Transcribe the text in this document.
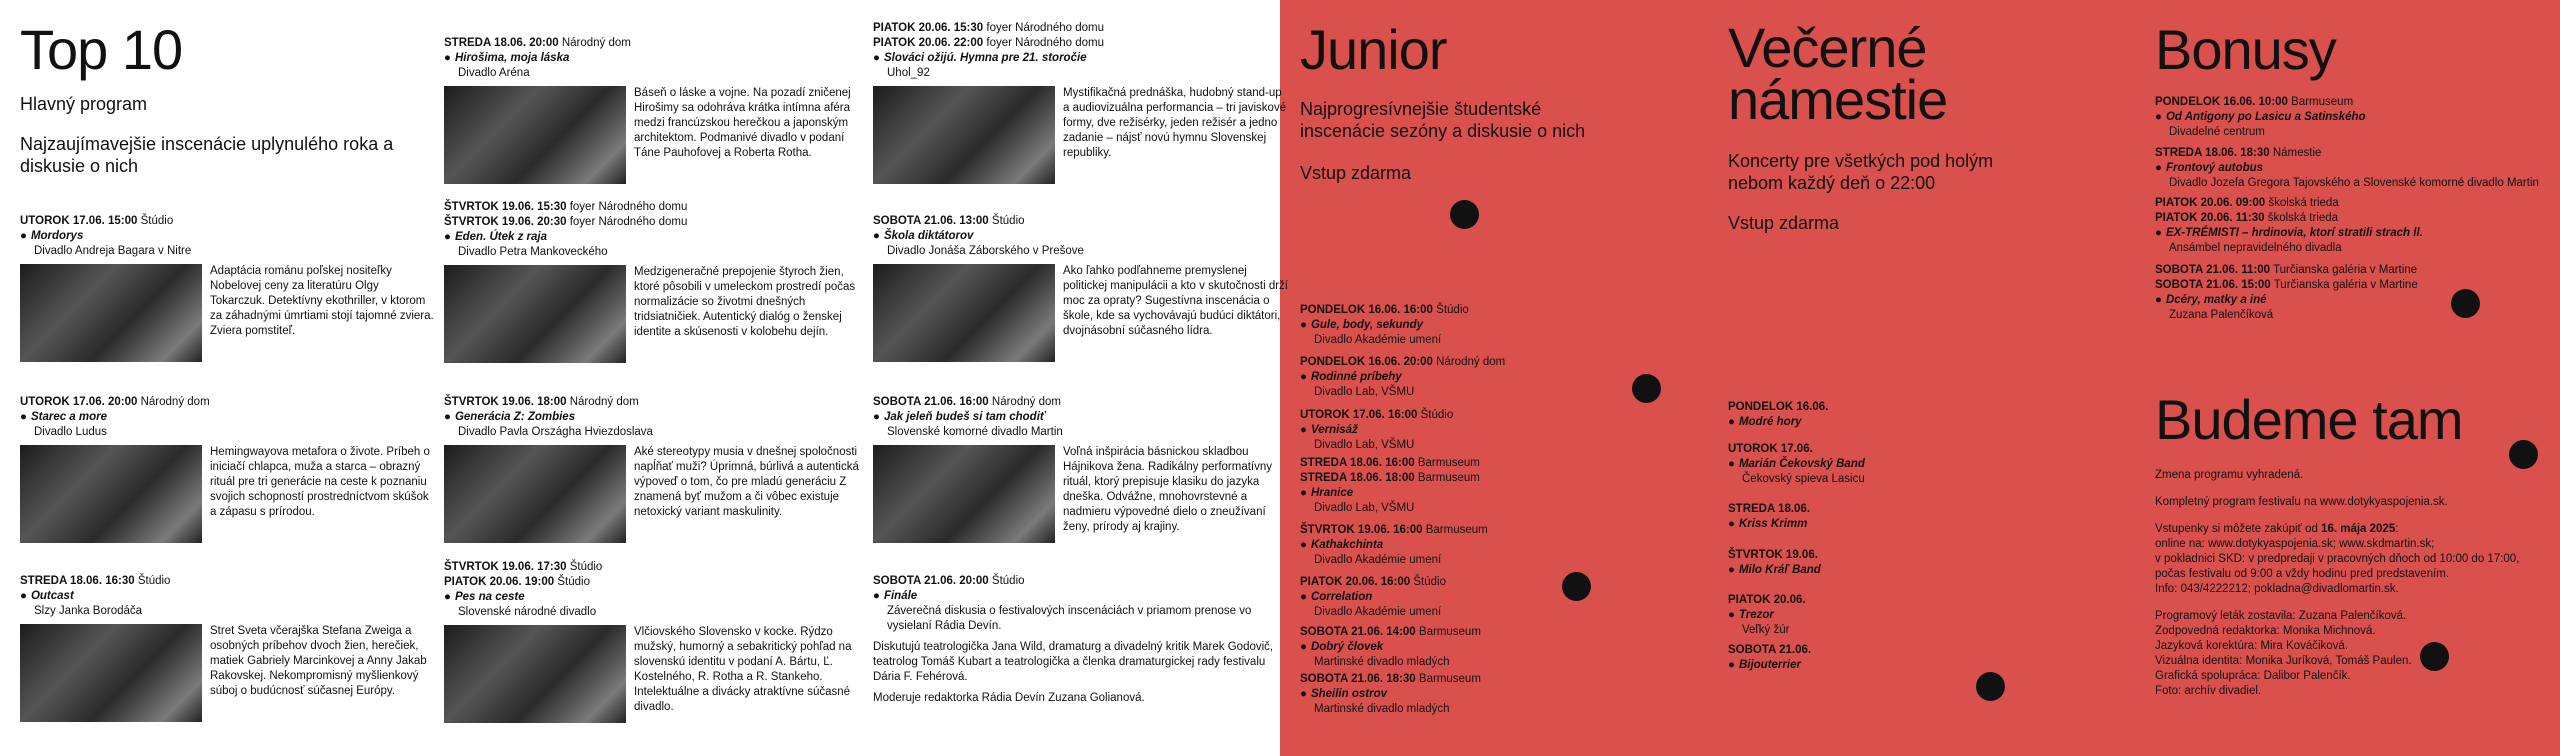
Top 10
Hlavný program
Najzaujímavejšie inscenácie uplynulého roka a diskusie o nich
UTOROK 17.06. 15:00 Štúdio
● Mordorys
Divadlo Andreja Bagara v Nitre
Adaptácia románu poľskej nositeľky Nobelovej ceny za literatúru Olgy Tokarczuk. Detektívny ekothriller, v ktorom za záhadnými úmrtiami stojí tajomné zviera. Zviera pomstiteľ.
UTOROK 17.06. 20:00 Národný dom
● Starec a more
Divadlo Ludus
Hemingwayova metafora o živote. Príbeh o iniciačí chlapca, muža a starca – obrazný rituál pre tri generácie na ceste k poznaniu svojich schopností prostredníctvom skúšok a zápasu s prírodou.
STREDA 18.06. 16:30 Štúdio
● Outcast
Slzy Janka Borodáča
Stret Sveta včerajška Stefana Zweiga a osobných príbehov dvoch žien, herečiek, matiek Gabriely Marcinkovej a Anny Jakab Rakovskej. Nekompromisný myšlienkový súboj o budúcnosť súčasnej Európy.
STREDA 18.06. 20:00 Národný dom
● Hirošima, moja láska
Divadlo Aréna
Báseň o láske a vojne. Na pozadí zničenej Hirošimy sa odohráva krátka intímna aféra medzi francúzskou herečkou a japonským architektom. Podmanivé divadlo v podaní Táne Pauhofovej a Roberta Rotha.
ŠTVRTOK 19.06. 15:30 foyer Národného domu
ŠTVRTOK 19.06. 20:30 foyer Národného domu
● Eden. Útek z raja
Divadlo Petra Mankoveckého
Medzigeneračné prepojenie štyroch žien, ktoré pôsobili v umeleckom prostredí počas normalizácie so životmi dnešných tridsiatničiek. Autentický dialóg o ženskej identite a skúsenosti v kolobehu dejín.
ŠTVRTOK 19.06. 18:00 Národný dom
● Generácia Z: Zombies
Divadlo Pavla Országha Hviezdoslava
Aké stereotypy musia v dnešnej spoločnosti napĺňať muži? Úprimná, búrlivá a autentická výpoveď o tom, čo pre mladú generáciu Z znamená byť mužom a či vôbec existuje netoxický variant maskulinity.
ŠTVRTOK 19.06. 17:30 Štúdio
PIATOK 20.06. 19:00 Štúdio
● Pes na ceste
Slovenské národné divadlo
Vlčiovského Slovensko v kocke. Rýdzo mužský, humorný a sebakritický pohľad na slovenskú identitu v podaní A. Bártu, Ľ. Kostelného, R. Rotha a R. Stankeho. Intelektuálne a divácky atraktívne súčasné divadlo.
PIATOK 20.06. 15:30 foyer Národného domu
PIATOK 20.06. 22:00 foyer Národného domu
● Slováci ožijú. Hymna pre 21. storočie
Uhol_92
Mystifikačná prednáška, hudobný stand-up a audiovizuálna performancia – tri javiskové formy, dve režisérky, jeden režisér a jedno zadanie – nájsť novú hymnu Slovenskej republiky.
SOBOTA 21.06. 13:00 Štúdio
● Škola diktátorov
Divadlo Jonáša Záborského v Prešove
Ako ľahko podľahneme premyslenej politickej manipulácii a kto v skutočnosti drží moc za opraty? Sugestívna inscenácia o škole, kde sa vychovávajú budúci diktátori, dvojnásobní súčasného lídra.
SOBOTA 21.06. 16:00 Národný dom
● Jak jeleň budeš si tam chodiť
Slovenské komorné divadlo Martin
Voľná inšpirácia básnickou skladbou Hájnikova žena. Radikálny performatívny rituál, ktorý prepisuje klasiku do jazyka dneška. Odvážne, mnohovrstevné a nadmieru výpovedné dielo o zneužívaní ženy, prírody aj krajiny.
SOBOTA 21.06. 20:00 Štúdio
● Finále
Záverečná diskusia o festivalových inscenáciách v priamom prenose vo vysielaní Rádia Devín.
Diskutujú teatrologička Jana Wild, dramaturg a divadelný kritik Marek Godovič, teatrolog Tomáš Kubart a teatrologička a členka dramaturgickej rady festivalu Dária F. Fehérová.
Moderuje redaktorka Rádia Devín Zuzana Golianová.
Junior
Najprogresívnejšie študentské inscenácie sezóny a diskusie o nich
Vstup zdarma
Večerné
námestie
Koncerty pre všetkých pod holým nebom každý deň o 22:00
Vstup zdarma
Bonusy
PONDELOK 16.06. 16:00 Štúdio
● Gule, body, sekundy
Divadlo Akadémie umení
PONDELOK 16.06. 20:00 Národný dom
● Rodinné príbehy
Divadlo Lab, VŠMU
UTOROK 17.06. 16:00 Štúdio
● Vernisáž
Divadlo Lab, VŠMU
STREDA 18.06. 16:00 Barmuseum
STREDA 18.06. 18:00 Barmuseum
● Hranice
Divadlo Lab, VŠMU
ŠTVRTOK 19.06. 16:00 Barmuseum
● Kathakchinta
Divadlo Akadémie umení
PIATOK 20.06. 16:00 Štúdio
● Correlation
Divadlo Akadémie umení
SOBOTA 21.06. 14:00 Barmuseum
● Dobrý človek
Martinské divadlo mladých
SOBOTA 21.06. 18:30 Barmuseum
● Sheilin ostrov
Martinské divadlo mladých
PONDELOK 16.06.
● Modré hory
UTOROK 17.06.
● Marián Čekovský Band
Čekovský spieva Lasicu
STREDA 18.06.
● Kriss Krimm
ŠTVRTOK 19.06.
● Milo Kráľ Band
PIATOK 20.06.
● Trezor
Veľký žúr
SOBOTA 21.06.
● Bijouterrier
PONDELOK 16.06. 10:00 Barmuseum
● Od Antigony po Lasicu a Satinského
Divadelné centrum
STREDA 18.06. 18:30 Námestie
● Frontový autobus
Divadlo Jozefa Gregora Tajovského a Slovenské komorné divadlo Martin
PIATOK 20.06. 09:00 školská trieda
PIATOK 20.06. 11:30 školská trieda
● EX-TRÉMISTI – hrdinovia, ktorí stratili strach ll.
Ansámbel nepravidelného divadla
SOBOTA 21.06. 11:00 Turčianska galéria v Martine
SOBOTA 21.06. 15:00 Turčianska galéria v Martine
● Dcéry, matky a iné
Zuzana Palenčíková
Budeme tam

Zmena programu vyhradená.

Kompletný program festivalu na www.dotykyaspojenia.sk.

Vstupenky si môžete zakúpiť od 16. mája 2025:
online na: www.dotykyaspojenia.sk; www.skdmartin.sk;
v pokladnici SKD: v predpredaji v pracovných dňoch od 10:00 do 17:00, počas festivalu od 9:00 a vždy hodinu pred predstavením.
Info: 043/4222212; pokladna@divadlomartin.sk.

Programový leták zostavila: Zuzana Palenčíková.
Zodpovedná redaktorka: Monika Michnová.
Jazyková korektúra: Mira Kováčiková.
Vizuálna identita: Monika Juríková, Tomáš Paulen.
Grafická spolupráca: Dalibor Palenčík.
Foto: archív divadiel.
